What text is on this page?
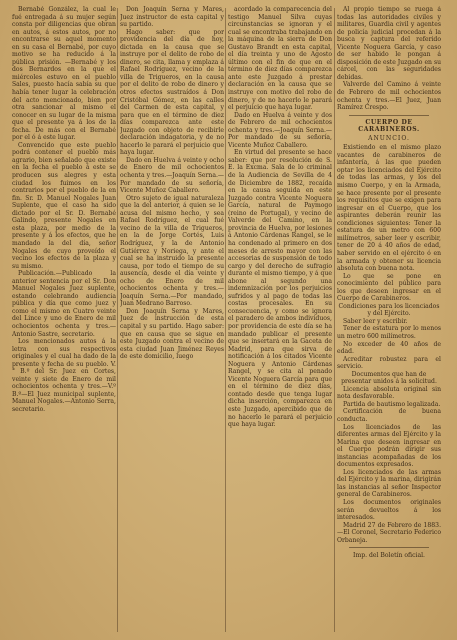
Bernabé González, la cual le fué entregada á su mujer según consta por diligencias que obran en autos, á estos autos, por no encontrarse su aquel momento en su casa el Bernabé, por cuyo motivo se ha reducido á la pública prisión. —Bernabé y los dos Bernardos en la que el miércoles estuvo en el pueblo Sales, puesto hacía sabía su que había tener lugar la celebración del acto mencionado, bien por otra sancionar al mismo el conocer en su lugar de la misma que el presente ya á los de la fecha. De más con el Bernabé por el ó á este lugar.

Convencido que este pueblo podrá contener el pueblo más agrario, bien señalado que existe en la fecha el pueblo á este se producen sus alegres y esta ciudad los fuimos en los contrarios por el pueblo de la en fin. Sr. D. Manuel Nogales Juan Suplente, que el caso ha sido dictado por el Sr. D. Bernabé Galindo, presente Nogales en esta plaza, por medio de la presente y á los efectos, que he mandado la del día, señor Nogales de cuyo proveído el vecino los efectos de la plaza y su mismo.

Publicación.—Publicado la anterior sentencia por el Sr. Don Manuel Nogales Juez suplente, estando celebrando audiencia pública y día que como juez y como el mismo en Cuatro veinte del Lince y uno de Enero de mil ochocientos ochenta y tres.—Antonio Sastre, secretario.

Los mencionados autos á la letra con sus respectivos originales y el cual ha dado de la presente y fecha de su pueblo. V.° B.º del Sr. Juez en Cortes, veinte y siete de Enero de mil ochocientos ochenta y tres.—V.º B.º—El Juez municipal suplente, Manuel Nogales.—Antonio Serra, secretario.

Don Joaquín Serna y Mares, Juez instructor de esta capital y su partido.

Hago saber: que por providencia del día de hoy, dictada en la causa que se instruye por el delito de robo de dinero, se cita, llama y emplaza á Rafael Rodríguez, vecino de la villa de Trigueros, en la causa por el delito de robo de dinero y otros efectos sustraídos á Don Cristóbal Gómez, en las calles del Carmen de esta capital, y para que en el término de diez días comparezca ante este Juzgado con objeto de recibirle declaración indagatoria, y de no hacerlo le parará el perjuicio que haya lugar.

Dado en Huelva á veinte y ocho de Enero de mil ochocientos ochenta y tres.—Joaquín Serna.—Por mandado de su señoría, Vicente Muñoz Caballero.

Otro sujeto de igual naturaleza que la del anterior, á quien se le acusa del mismo hecho, y sea Rafael Rodríguez, el cual fué vecino de la villa de Trigueros, en la de Jorge Cortés, Luis Rodríguez, y la de Antonio Gutiérrez y Noriega, y ante el cual se ha instruido la presente causa, por todo el tiempo de su ausencia, desde el día veinte y ocho de Enero de mil ochocientos ochenta y tres.—Joaquín Serna.—Por mandado, Juan Medrano Barroso.

Don Joaquín Serna y Mares, Juez de instrucción de esta capital y su partido. Hago saber: que en causa que se sigue en este Juzgado contra el vecino de esta ciudad Juan Jiménez Reyes de este domicilio, luego

acordado la comparecencia del testigo Manuel Silva cuyas circunstancias se ignoran y el cual se encontraba trabajando en la máquina de la sierra de Don Gustavo Brandt en esta capital, el día treinta y uno de Agosto último con el fin de que en el término de diez días comparezca ante este Juzgado á prestar declaración en la causa que se instruye con motivo del robo de dinero, y de no hacerlo le parará el perjuicio que haya lugar.

Dado en Huelva á veinte y dos de Febrero de mil ochocientos ochenta y tres.—Joaquín Serna.—Por mandado de su señoría, Vicente Muñoz Caballero.

En virtud del presente se hace saber: que por resolución de S. E. la Excma. Sala de lo criminal de la Audiencia de Sevilla de 4 de Diciembre de 1882, recaída en la causa seguida en este Juzgado contra Vicente Noguera García, natural de Paymogo (reino de Portugal), y vecino de Valverde del Camino, en la provincia de Huelva, por lesiones á Antonio Cárdenas Rangel, se le ha condenado al primero en dos meses de arresto mayor con las accesorias de suspensión de todo cargo y del derecho de sufragio durante el mismo tiempo, y á que abone al segundo una indemnización por los perjuicios sufridos y al pago de todas las costas procesales. En su consecuencia, y como se ignora el paradero de ambos individuos, por providencia de este día se ha mandado publicar el presente que se insertará en la Gaceta de Madrid, para que sirva de notificación á los citados Vicente Noguera y Antonio Cárdenas Rangel, y se cita al penado Vicente Noguera García para que en el término de diez días, contado desde que tenga lugar dicha inserción, comparezca en este Juzgado, apercibido que de no hacerlo le parará el perjuicio que haya lugar.

Al propio tiempo se ruega á todas las autoridades civiles y militares, Guardia civil y agentes de policía judicial procedan á la busca y captura del referido Vicente Noguera García, y caso de ser habido le pongan á disposición de este Juzgado en su cárcel, con las seguridades debidas.

Valverde del Camino á veinte de Febrero de mil ochocientos ochenta y tres.—El Juez, Juan Ramírez Crespo.

CUERPO DE CARABINEROS.

ANUNCIO.

Existiendo en el mismo plazo vacantes de carabineros de infantería, á las que pueden optar los licenciados del Ejército de todas las armas, y los del mismo Cuerpo, y en la Armada, se hace presente por el presente los requisitos que se exigen para ingresar en el Cuerpo, que los aspirantes deberán reunir las condiciones siguientes: Tener la estatura de un metro con 600 milímetros, saber leer y escribir, tener de 20 á 40 años de edad, haber servido en el ejército ó en la armada y obtener su licencia absoluta con buena nota.

Lo que se pone en conocimiento del público para los que deseen ingresar en el Cuerpo de Carabineros.

Condiciones para los licenciados y del Ejército.

Saber leer y escribir.

Tener de estatura por lo menos un metro 600 milímetros.

No exceder de 40 años de edad.

Acreditar robustez para el servicio.

Documentos que han de presentar unidos á la solicitud.

Licencia absoluta original sin nota desfavorable.

Partida de bautismo legalizada.

Certificación de buena conducta.

Los licenciados de las diferentes armas del Ejército y la Marina que deseen ingresar en el Cuerpo podrán dirigir sus instancias acompañadas de los documentos expresados.

Los licenciados de las armas del Ejército y la marina, dirigirán las instancias al señor Inspector general de Carabineros.

Los documentos originales serán devueltos á los interesados.

Madrid 27 de Febrero de 1883. —El Coronel, Secretario Federico Orbaneja.

Imp. del Boletín oficial.
